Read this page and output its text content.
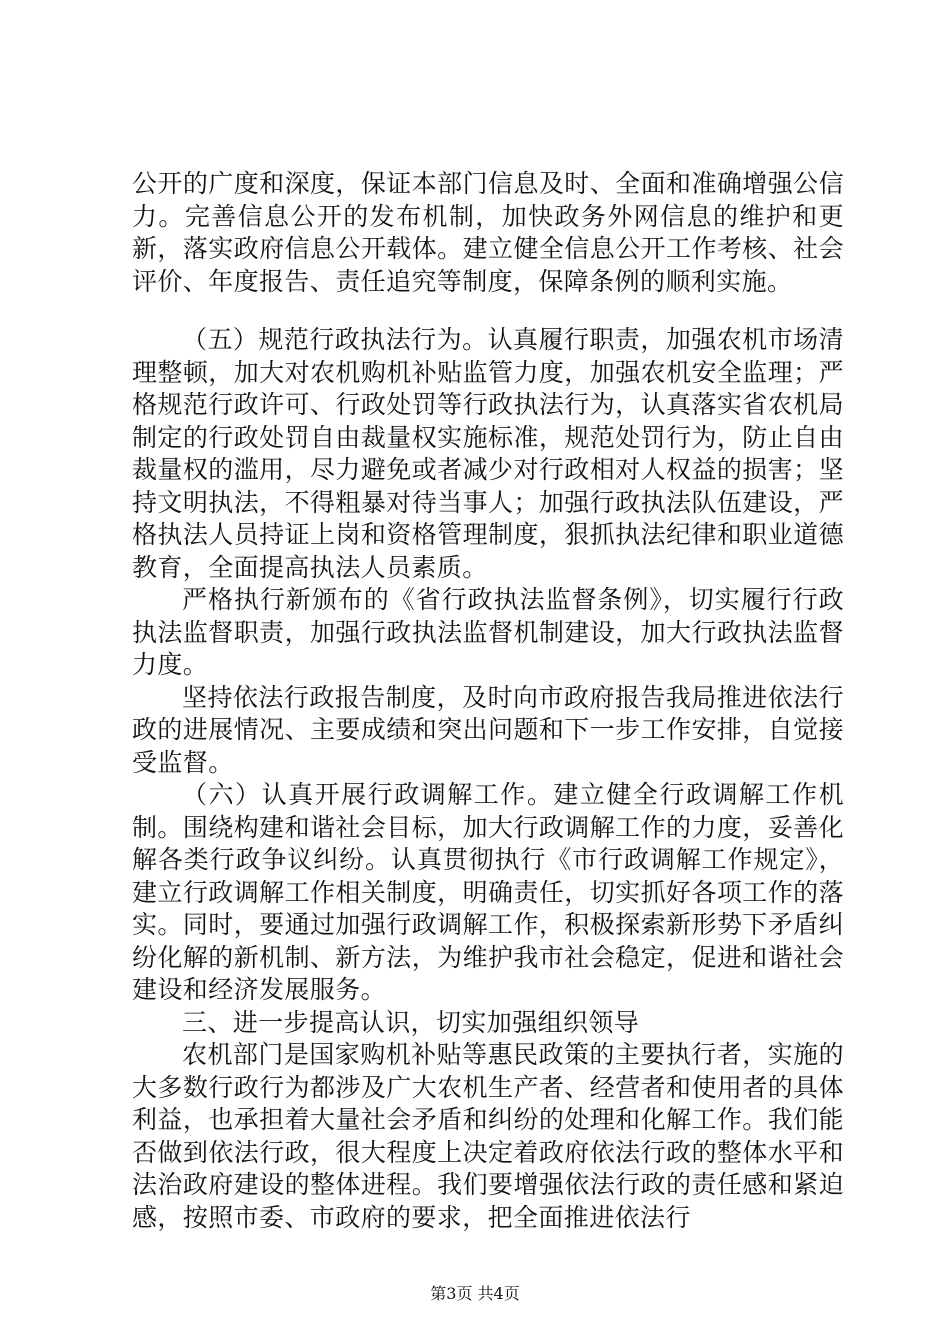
公开的广度和深度，保证本部门信息及时、全面和准确增强公信力。完善信息公开的发布机制，加快政务外网信息的维护和更新，落实政府信息公开载体。建立健全信息公开工作考核、社会评价、年度报告、责任追究等制度，保障条例的顺利实施。

（五）规范行政执法行为。认真履行职责，加强农机市场清理整顿，加大对农机购机补贴监管力度，加强农机安全监理；严格规范行政许可、行政处罚等行政执法行为，认真落实省农机局制定的行政处罚自由裁量权实施标准，规范处罚行为，防止自由裁量权的滥用，尽力避免或者减少对行政相对人权益的损害；坚持文明执法，不得粗暴对待当事人；加强行政执法队伍建设，严格执法人员持证上岗和资格管理制度，狠抓执法纪律和职业道德教育，全面提高执法人员素质。

严格执行新颁布的《省行政执法监督条例》，切实履行行政执法监督职责，加强行政执法监督机制建设，加大行政执法监督力度。

坚持依法行政报告制度，及时向市政府报告我局推进依法行政的进展情况、主要成绩和突出问题和下一步工作安排，自觉接受监督。

（六）认真开展行政调解工作。建立健全行政调解工作机制。围绕构建和谐社会目标，加大行政调解工作的力度，妥善化解各类行政争议纠纷。认真贯彻执行《市行政调解工作规定》，建立行政调解工作相关制度，明确责任，切实抓好各项工作的落实。同时，要通过加强行政调解工作，积极探索新形势下矛盾纠纷化解的新机制、新方法，为维护我市社会稳定，促进和谐社会建设和经济发展服务。

三、进一步提高认识，切实加强组织领导

农机部门是国家购机补贴等惠民政策的主要执行者，实施的大多数行政行为都涉及广大农机生产者、经营者和使用者的具体利益，也承担着大量社会矛盾和纠纷的处理和化解工作。我们能否做到依法行政，很大程度上决定着政府依法行政的整体水平和法治政府建设的整体进程。我们要增强依法行政的责任感和紧迫感，按照市委、市政府的要求，把全面推进依法行

第3页 共4页
